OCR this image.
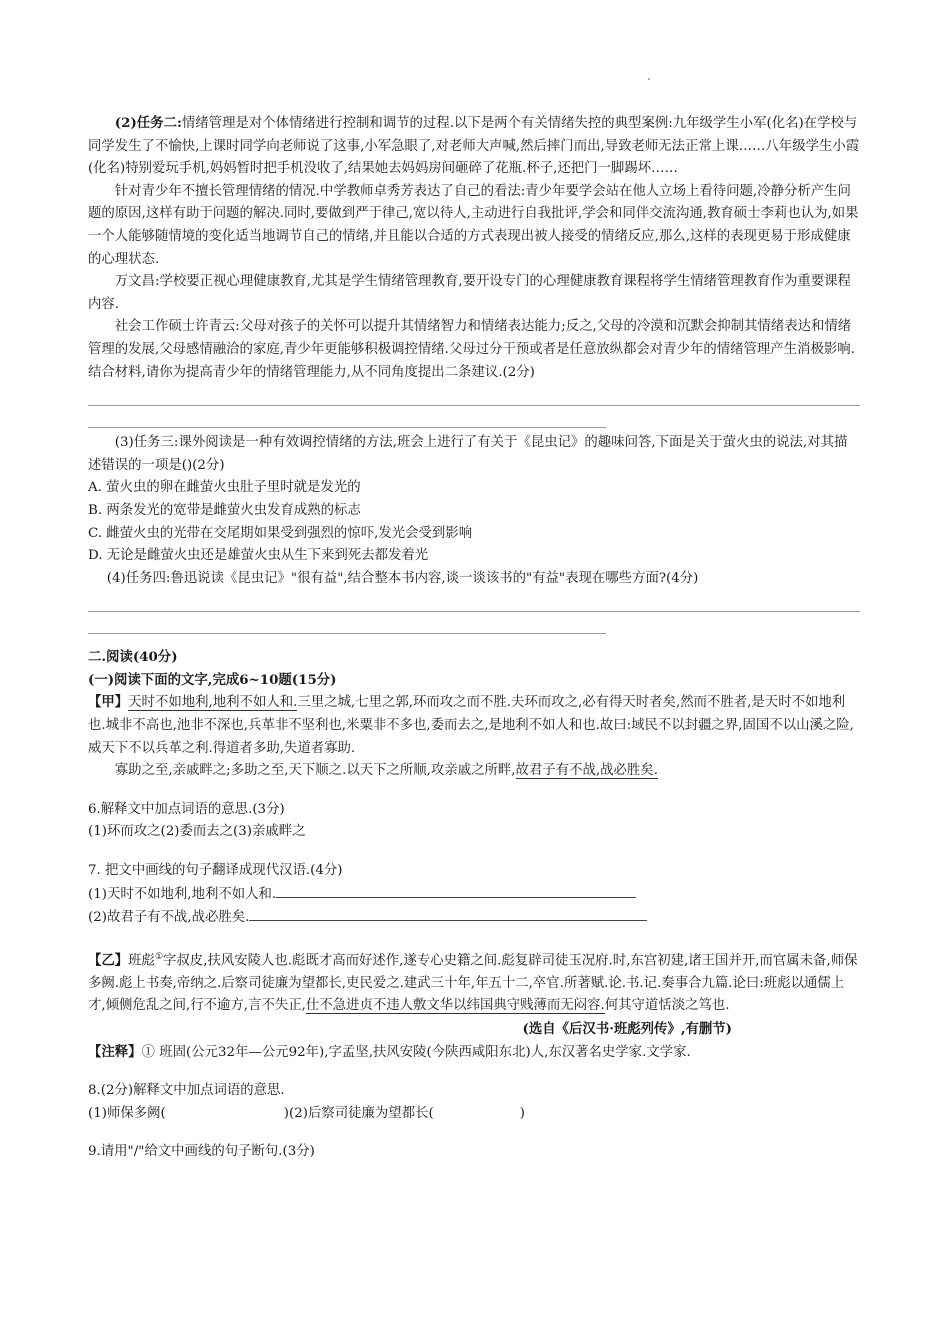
(2)任务二:情绪管理是对个体情绪进行控制和调节的过程.以下是两个有关情绪失控的典型案例:九年级学生小军(化名)在学校与同学发生了不愉快,上课时同学向老师说了这事,小军急眼了,对老师大声喊,然后摔门而出,导致老师无法正常上课……八年级学生小霞(化名)特别爱玩手机,妈妈暂时把手机没收了,结果她去妈妈房间砸碎了花瓶.杯子,还把门一脚踢坏……

针对青少年不擅长管理情绪的情况.中学教师卓秀芳表达了自己的看法:青少年要学会站在他人立场上看待问题,冷静分析产生问题的原因,这样有助于问题的解决.同时,要做到严于律己,宽以待人,主动进行自我批评,学会和同伴交流沟通,教育硕士李莉也认为,如果一个人能够随情境的变化适当地调节自己的情绪,并且能以合适的方式表现出被人接受的情绪反应,那么,这样的表现更易于形成健康的心理状态.

万文昌:学校要正视心理健康教育,尤其是学生情绪管理教育,要开设专门的心理健康教育课程将学生情绪管理教育作为重要课程内容.

社会工作硕士许青云:父母对孩子的关怀可以提升其情绪智力和情绪表达能力;反之,父母的冷漠和沉默会抑制其情绪表达和情绪管理的发展,父母感情融洽的家庭,青少年更能够积极调控情绪.父母过分干预或者是任意放纵都会对青少年的情绪管理产生消极影响.

结合材料,请你为提高青少年的情绪管理能力,从不同角度提出二条建议.(2分)

(3)任务三:课外阅读是一种有效调控情绪的方法,班会上进行了有关于《昆虫记》的趣味问答,下面是关于萤火虫的说法,对其描述错误的一项是()(2分)

A. 萤火虫的卵在雌萤火虫肚子里时就是发光的

B. 两条发光的宽带是雌萤火虫发育成熟的标志

C. 雌萤火虫的光带在交尾期如果受到强烈的惊吓,发光会受到影响

D. 无论是雌萤火虫还是雄萤火虫从生下来到死去都发着光

(4)任务四:鲁迅说读《昆虫记》"很有益",结合整本书内容,谈一谈该书的"有益"表现在哪些方面?(4分)

二.阅读(40分)

(一)阅读下面的文字,完成6~10题(15分)

【甲】天时不如地利,地利不如人和.三里之城,七里之郭,环而攻之而不胜.夫环而攻之,必有得天时者矣,然而不胜者,是天时不如地利也.城非不高也,池非不深也,兵革非不坚利也,米粟非不多也,委而去之,是地利不如人和也.故曰:域民不以封疆之界,固国不以山溪之险,威天下不以兵革之利.得道者多助,失道者寡助.

寡助之至,亲戚畔之;多助之至,天下顺之.以天下之所顺,攻亲戚之所畔,故君子有不战,战必胜矣.

6.解释文中加点词语的意思.(3分)

(1)环而攻之(2)委而去之(3)亲戚畔之

7. 把文中画线的句子翻译成现代汉语.(4分)

(1)天时不如地利,地利不如人和.

(2)故君子有不战,战必胜矣.

【乙】班彪①字叔皮,扶风安陵人也.彪既才高而好述作,遂专心史籍之间.彪复辟司徒玉况府.时,东宫初建,诸王国并开,而官属未备,师保多阙.彪上书奏,帝纳之.后察司徒廉为望都长,吏民爱之.建武三十年,年五十二,卒官.所著赋.论.书.记.奏事合九篇.论曰:班彪以通儒上才,倾侧危乱之间,行不逾方,言不失正,仕不急进贞不违人敷文华以纬国典守贱薄而无闷容.何其守道恬淡之笃也.

(选自《后汉书·班彪列传》,有删节)

【注释】① 班固(公元32年—公元92年),字孟坚,扶风安陵(今陕西咸阳东北)人,东汉著名史学家.文学家.

8.(2分)解释文中加点词语的意思.

(1)师保多阙(	)(2)后察司徒廉为望都长(	)

9.请用"/"给文中画线的句子断句.(3分)
